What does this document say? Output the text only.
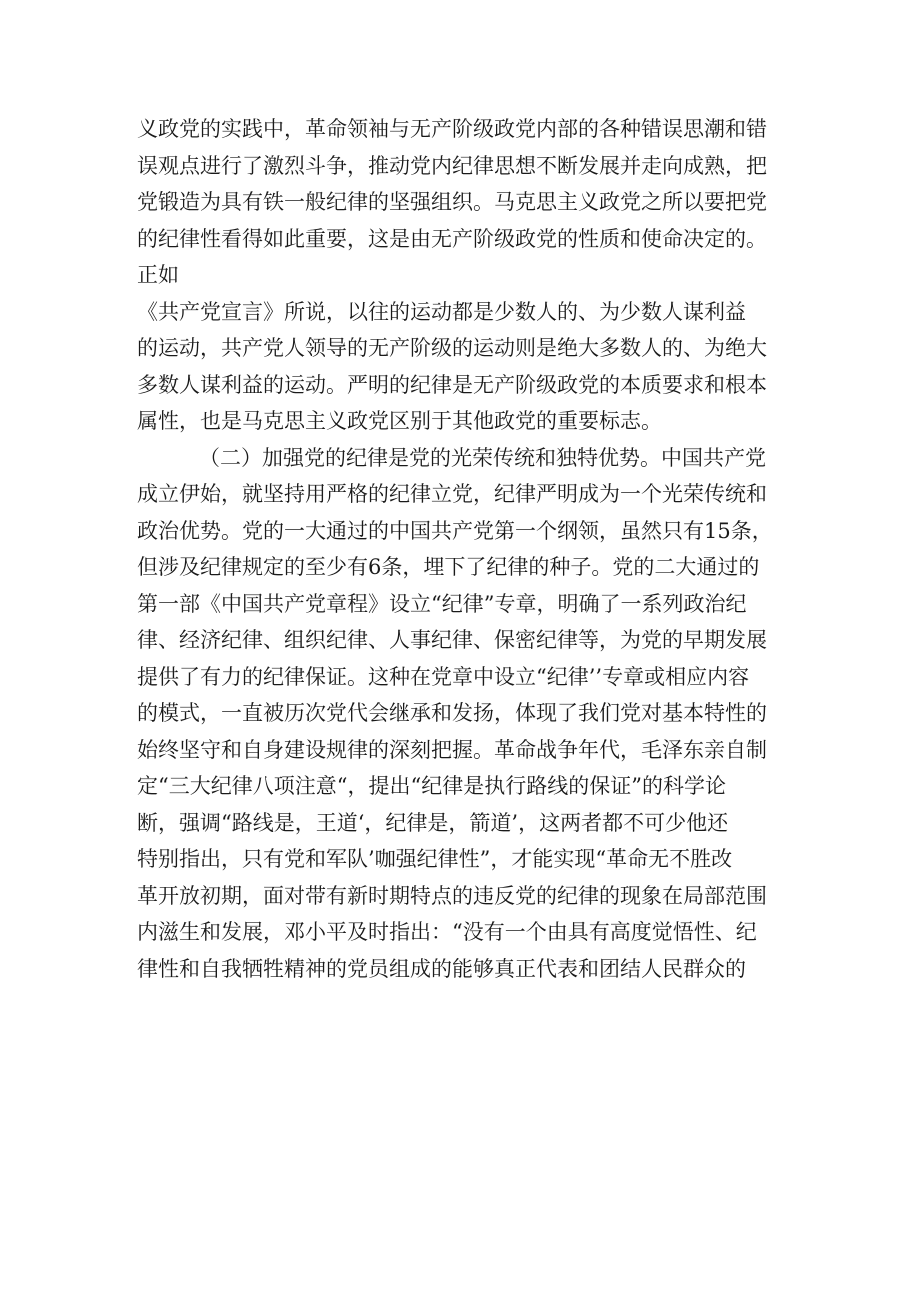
义政党的实践中，革命领袖与无产阶级政党内部的各种错误思潮和错
误观点进行了激烈斗争，推动党内纪律思想不断发展并走向成熟，把
党锻造为具有铁一般纪律的坚强组织。马克思主义政党之所以要把党
的纪律性看得如此重要，这是由无产阶级政党的性质和使命决定的。
正如
《共产党宣言》所说，以往的运动都是少数人的、为少数人谋利益
的运动，共产党人领导的无产阶级的运动则是绝大多数人的、为绝大
多数人谋利益的运动。严明的纪律是无产阶级政党的本质要求和根本
属性，也是马克思主义政党区别于其他政党的重要标志。
（二）加强党的纪律是党的光荣传统和独特优势。中国共产党
成立伊始，就坚持用严格的纪律立党，纪律严明成为一个光荣传统和
政治优势。党的一大通过的中国共产党第一个纲领，虽然只有15条，
但涉及纪律规定的至少有6条，埋下了纪律的种子。党的二大通过的
第一部《中国共产党章程》设立“纪律”专章，明确了一系列政治纪
律、经济纪律、组织纪律、人事纪律、保密纪律等，为党的早期发展
提供了有力的纪律保证。这种在党章中设立“纪律’’专章或相应内容
的模式，一直被历次党代会继承和发扬，体现了我们党对基本特性的
始终坚守和自身建设规律的深刻把握。革命战争年代，毛泽东亲自制
定“三大纪律八项注意“，提出“纪律是执行路线的保证”的科学论
断，强调“路线是，王道‘，纪律是，箭道’，这两者都不可少他还
特别指出，只有党和军队’咖强纪律性”，才能实现“革命无不胜改
革开放初期，面对带有新时期特点的违反党的纪律的现象在局部范围
内滋生和发展，邓小平及时指出：“没有一个由具有高度觉悟性、纪
律性和自我牺牲精神的党员组成的能够真正代表和团结人民群众的
